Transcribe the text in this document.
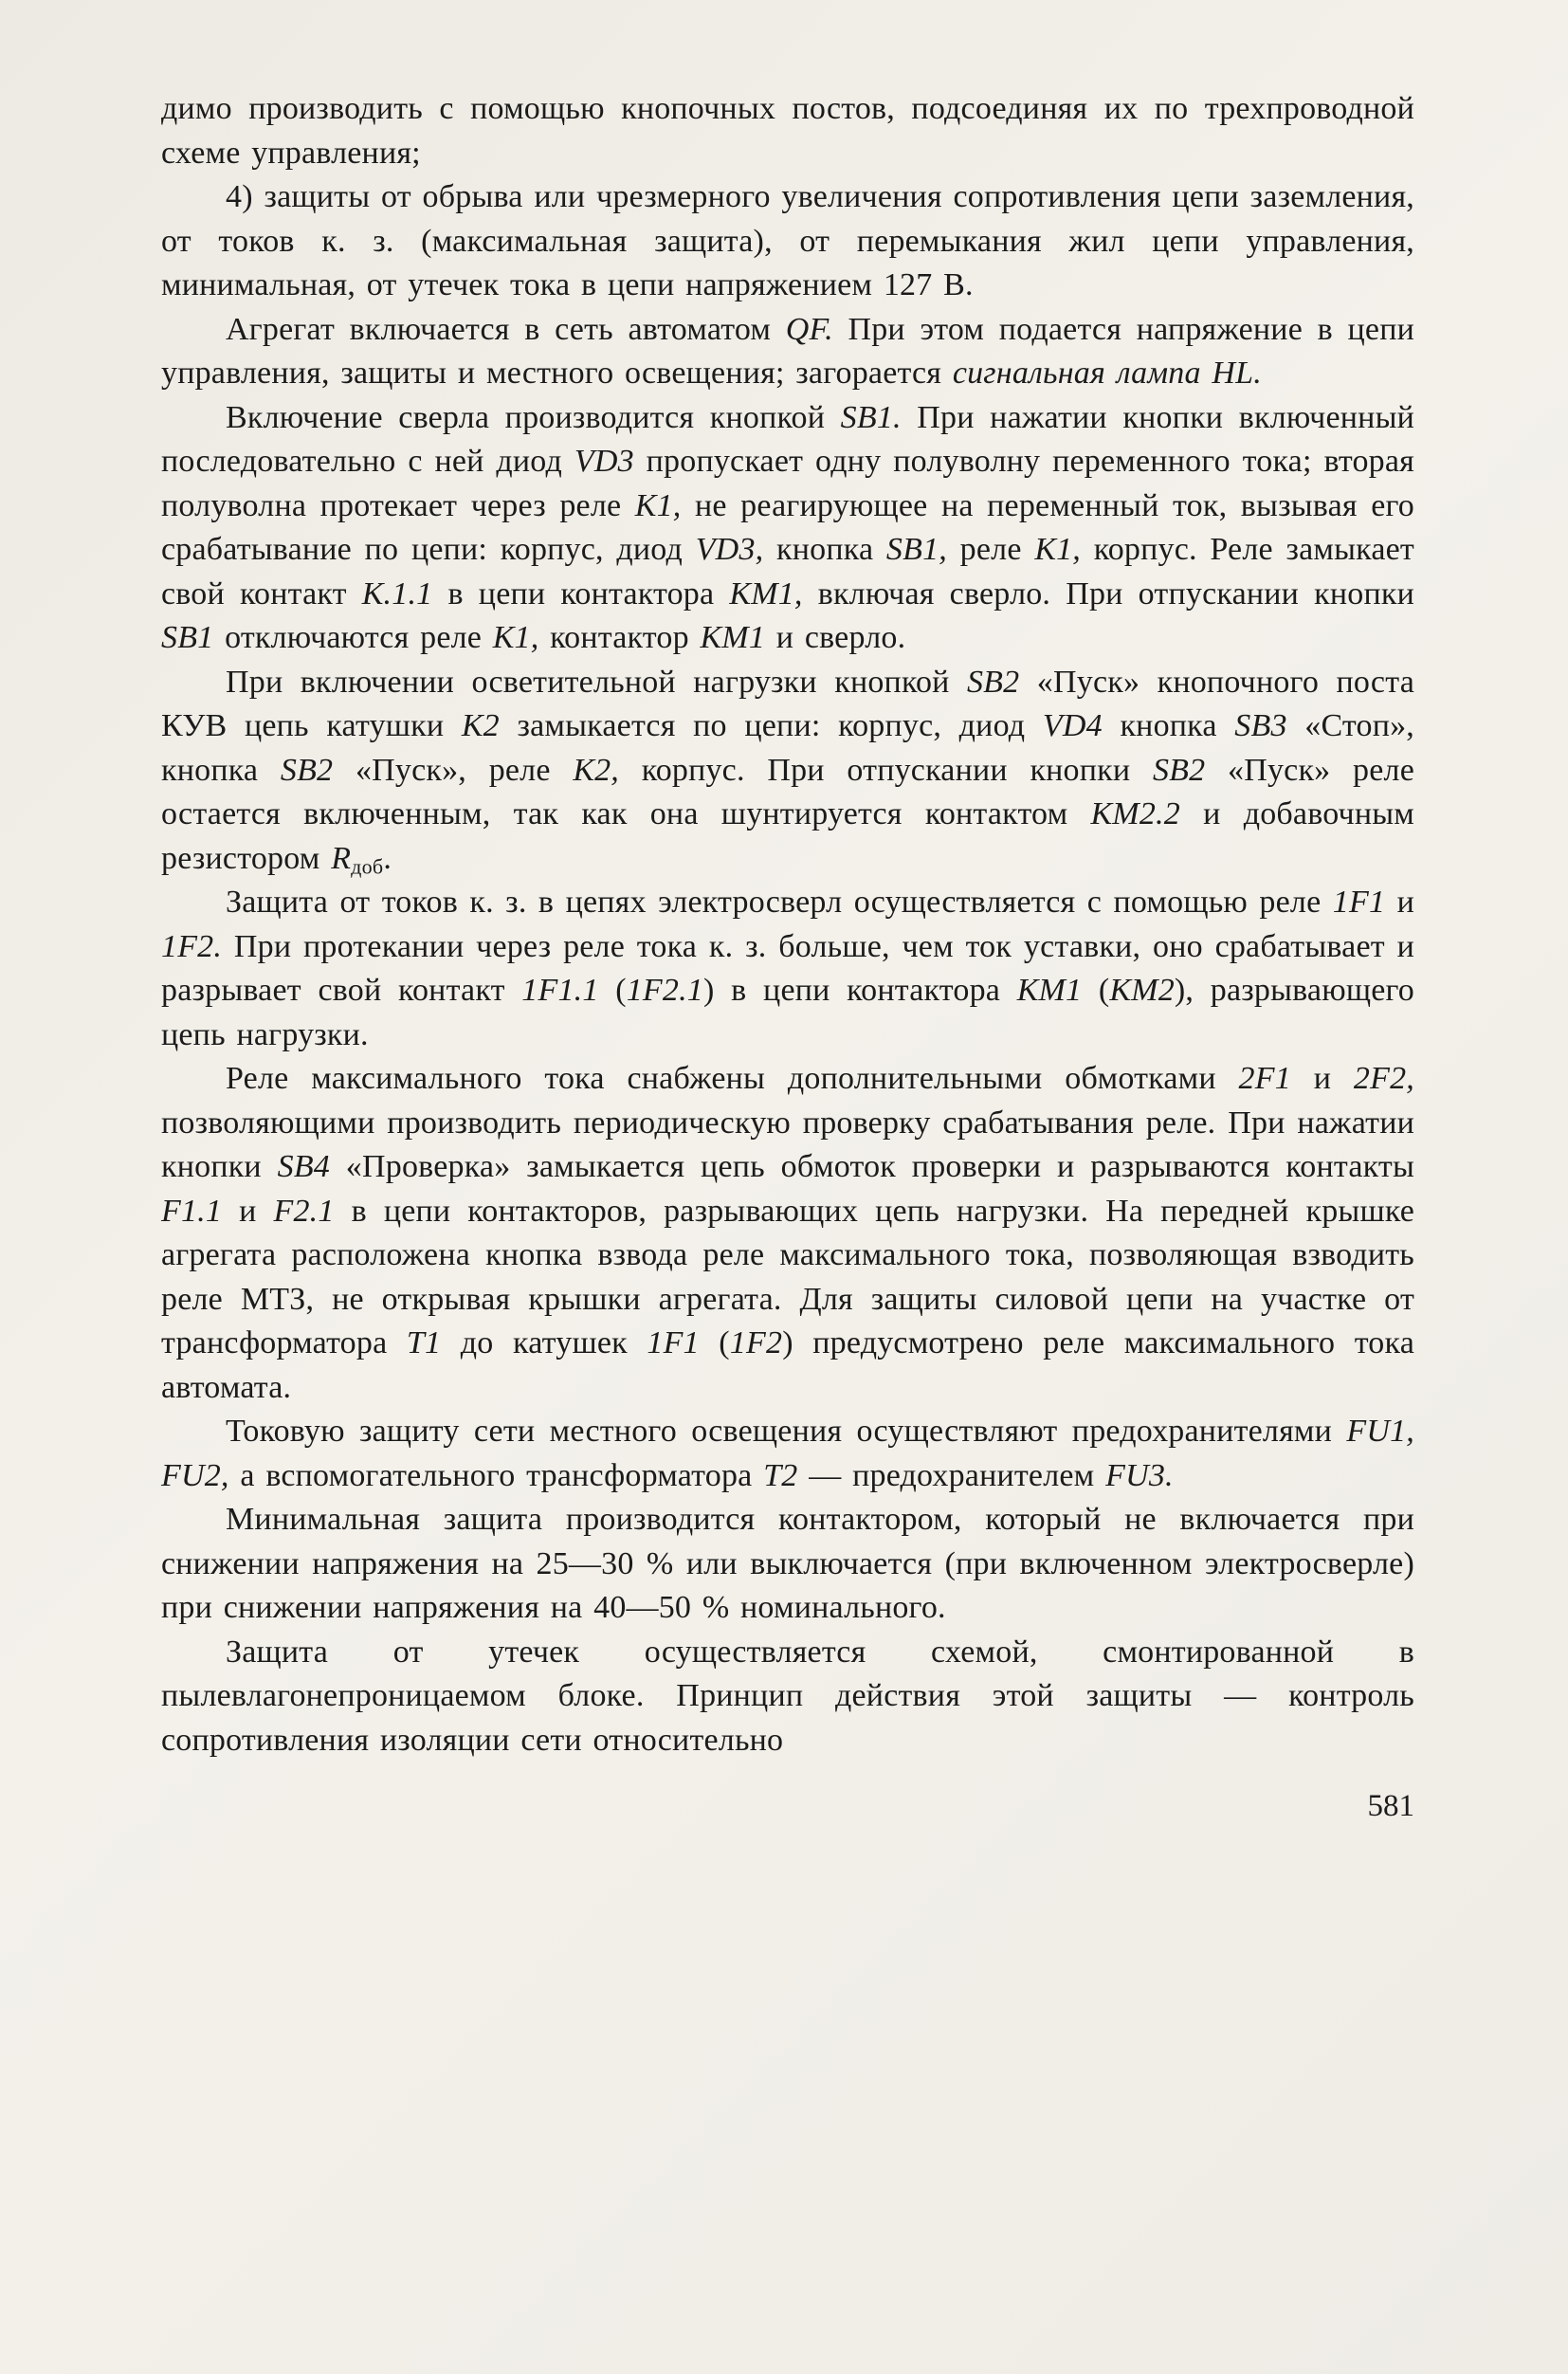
димо производить с помощью кнопочных постов, подсоединяя их по трехпроводной схеме управления;

4) защиты от обрыва или чрезмерного увеличения сопротивления цепи заземления, от токов к. з. (максимальная защита), от перемыкания жил цепи управления, минимальная, от утечек тока в цепи напряжением 127 В.

Агрегат включается в сеть автоматом QF. При этом подается напряжение в цепи управления, защиты и местного освещения; загорается сигнальная лампа HL.

Включение сверла производится кнопкой SB1. При нажатии кнопки включенный последовательно с ней диод VD3 пропускает одну полуволну переменного тока; вторая полуволна протекает через реле К1, не реагирующее на переменный ток, вызывая его срабатывание по цепи: корпус, диод VD3, кнопка SB1, реле К1, корпус. Реле замыкает свой контакт К.1.1 в цепи контактора КМ1, включая сверло. При отпускании кнопки SB1 отключаются реле К1, контактор КМ1 и сверло.

При включении осветительной нагрузки кнопкой SB2 «Пуск» кнопочного поста КУВ цепь катушки К2 замыкается по цепи: корпус, диод VD4 кнопка SB3 «Стоп», кнопка SB2 «Пуск», реле К2, корпус. При отпускании кнопки SB2 «Пуск» реле остается включенным, так как она шунтируется контактом КМ2.2 и добавочным резистором $R_{доб}$.

Защита от токов к. з. в цепях электросверл осуществляется с помощью реле 1F1 и 1F2. При протекании через реле тока к. з. больше, чем ток уставки, оно срабатывает и разрывает свой контакт 1F1.1 (1F2.1) в цепи контактора КМ1 (КМ2), разрывающего цепь нагрузки.

Реле максимального тока снабжены дополнительными обмотками 2F1 и 2F2, позволяющими производить периодическую проверку срабатывания реле. При нажатии кнопки SB4 «Проверка» замыкается цепь обмоток проверки и разрываются контакты F1.1 и F2.1 в цепи контакторов, разрывающих цепь нагрузки. На передней крышке агрегата расположена кнопка взвода реле максимального тока, позволяющая взводить реле МТЗ, не открывая крышки агрегата. Для защиты силовой цепи на участке от трансформатора Т1 до катушек 1F1 (1F2) предусмотрено реле максимального тока автомата.

Токовую защиту сети местного освещения осуществляют предохранителями FU1, FU2, а вспомогательного трансформатора Т2 — предохранителем FU3.

Минимальная защита производится контактором, который не включается при снижении напряжения на 25—30 % или выключается (при включенном электросверле) при снижении напряжения на 40—50 % номинального.

Защита от утечек осуществляется схемой, смонтированной в пылевлагонепроницаемом блоке. Принцип действия этой защиты — контроль сопротивления изоляции сети относительно

581
